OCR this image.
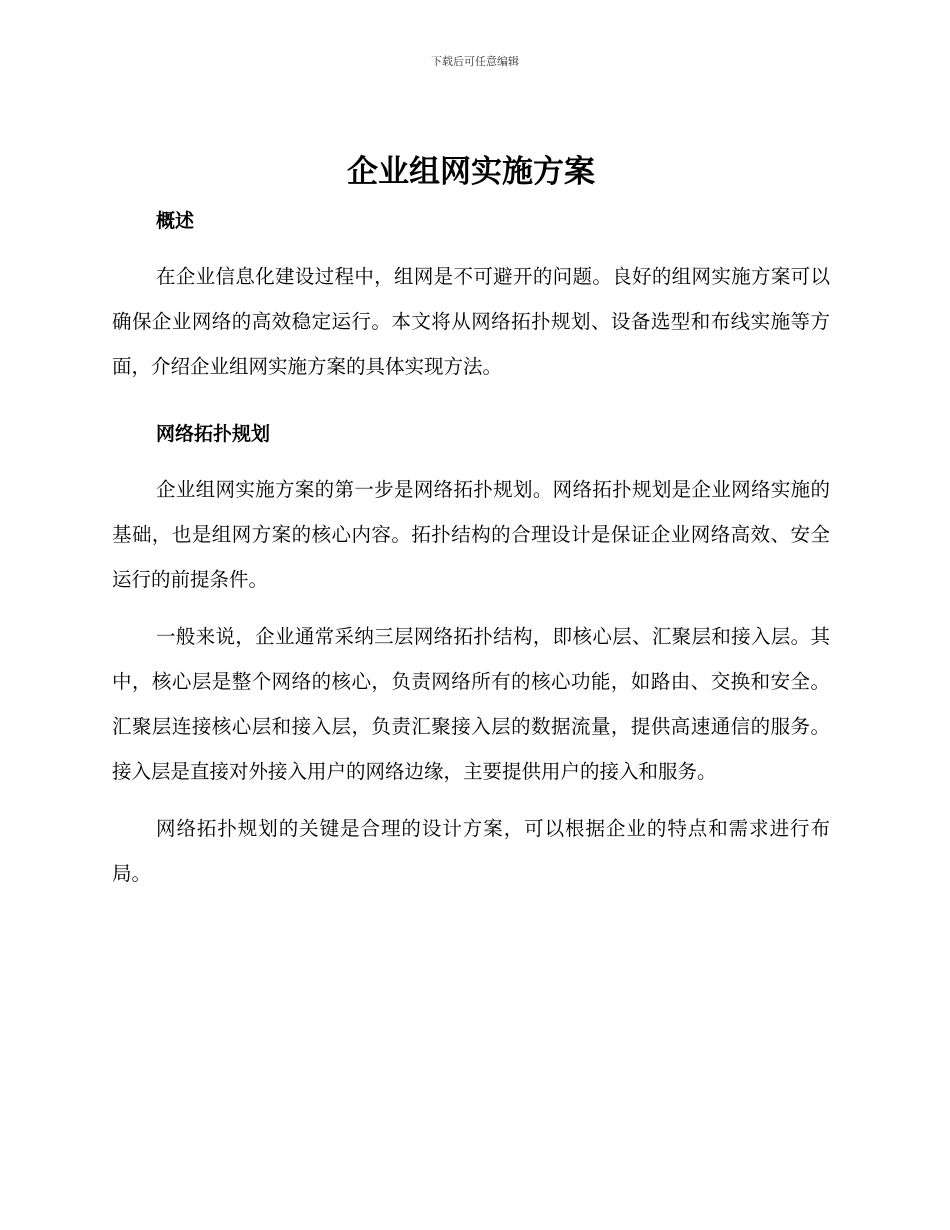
下载后可任意编辑
企业组网实施方案
概述

在企业信息化建设过程中，组网是不可避开的问题。良好的组网实施方案可以确保企业网络的高效稳定运行。本文将从网络拓扑规划、设备选型和布线实施等方面，介绍企业组网实施方案的具体实现方法。

网络拓扑规划

企业组网实施方案的第一步是网络拓扑规划。网络拓扑规划是企业网络实施的基础，也是组网方案的核心内容。拓扑结构的合理设计是保证企业网络高效、安全运行的前提条件。

一般来说，企业通常采纳三层网络拓扑结构，即核心层、汇聚层和接入层。其中，核心层是整个网络的核心，负责网络所有的核心功能，如路由、交换和安全。汇聚层连接核心层和接入层，负责汇聚接入层的数据流量，提供高速通信的服务。接入层是直接对外接入用户的网络边缘，主要提供用户的接入和服务。

网络拓扑规划的关键是合理的设计方案，可以根据企业的特点和需求进行布局。
